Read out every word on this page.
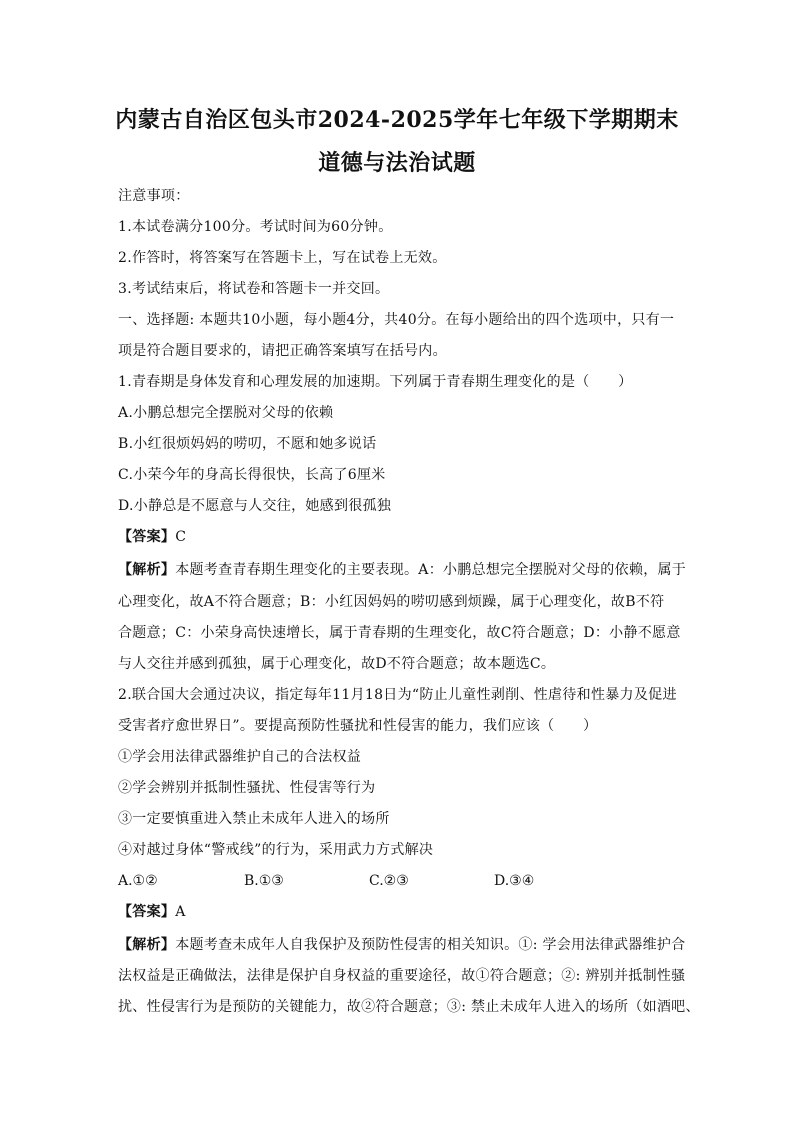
内蒙古自治区包头市2024-2025学年七年级下学期期末
道德与法治试题
注意事项：
1.本试卷满分100分。考试时间为60分钟。
2.作答时，将答案写在答题卡上，写在试卷上无效。
3.考试结束后，将试卷和答题卡一并交回。
一、选择题: 本题共10小题，每小题4分，共40分。在每小题给出的四个选项中，只有一
项是符合题目要求的，请把正确答案填写在括号内。
1.青春期是身体发育和心理发展的加速期。下列属于青春期生理变化的是（　　）
A.小鹏总想完全摆脱对父母的依赖
B.小红很烦妈妈的唠叨，不愿和她多说话
C.小荣今年的身高长得很快，长高了6厘米
D.小静总是不愿意与人交往，她感到很孤独
【答案】C
【解析】本题考查青春期生理变化的主要表现。A：小鹏总想完全摆脱对父母的依赖，属于
心理变化，故A不符合题意；B：小红因妈妈的唠叨感到烦躁，属于心理变化，故B不符
合题意；C：小荣身高快速增长，属于青春期的生理变化，故C符合题意；D：小静不愿意
与人交往并感到孤独，属于心理变化，故D不符合题意；故本题选C。
2.联合国大会通过决议，指定每年11月18日为“防止儿童性剥削、性虐待和性暴力及促进
受害者疗愈世界日”。要提高预防性骚扰和性侵害的能力，我们应该（　　）
①学会用法律武器维护自己的合法权益
②学会辨别并抵制性骚扰、性侵害等行为
③一定要慎重进入禁止未成年人进入的场所
④对越过身体“警戒线”的行为，采用武力方式解决
A.①②	B.①③	C.②③	D.③④
【答案】A
【解析】本题考查未成年人自我保护及预防性侵害的相关知识。①: 学会用法律武器维护合
法权益是正确做法，法律是保护自身权益的重要途径，故①符合题意；②: 辨别并抵制性骚
扰、性侵害行为是预防的关键能力，故②符合题意；③: 禁止未成年人进入的场所（如酒吧、
